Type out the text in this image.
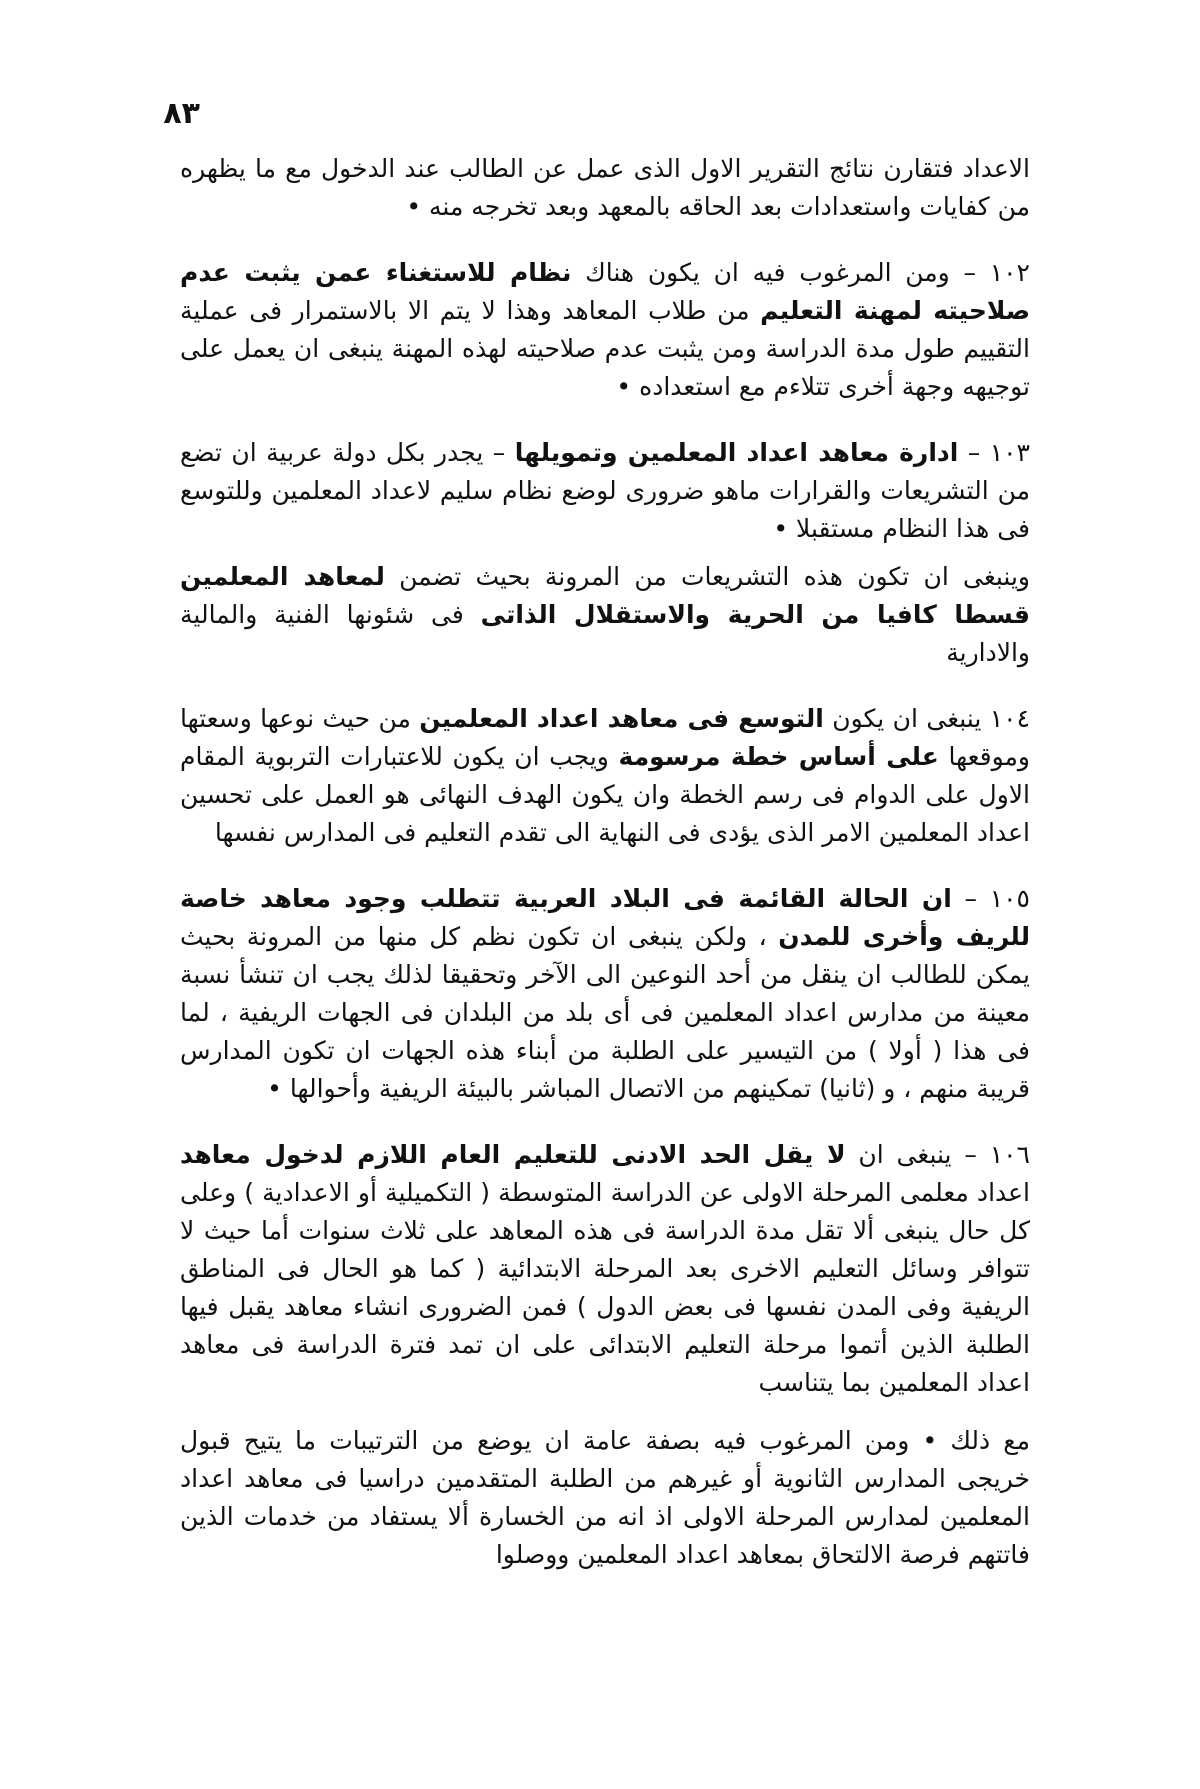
٨٣

الاعداد فتقارن نتائج التقرير الاول الذى عمل عن الطالب عند الدخول مع ما يظهره من كفايات واستعدادات بعد الحاقه بالمعهد وبعد تخرجه منه •

١٠٢ – ومن المرغوب فيه ان يكون هناك نظام للاستغناء عمن يثبت عدم صلاحيته لمهنة التعليم من طلاب المعاهد وهذا لا يتم الا بالاستمرار فى عملية التقييم طول مدة الدراسة ومن يثبت عدم صلاحيته لهذه المهنة ينبغى ان يعمل على توجيهه وجهة أخرى تتلاءم مع استعداده •

١٠٣ – ادارة معاهد اعداد المعلمين وتمويلها – يجدر بكل دولة عربية ان تضع من التشريعات والقرارات ماهو ضرورى لوضع نظام سليم لاعداد المعلمين وللتوسع فى هذا النظام مستقبلا •

وينبغى ان تكون هذه التشريعات من المرونة بحيث تضمن لمعاهد المعلمين قسطا كافيا من الحرية والاستقلال الذاتى فى شئونها الفنية والمالية والادارية

١٠٤ ينبغى ان يكون التوسع فى معاهد اعداد المعلمين من حيث نوعها وسعتها وموقعها على أساس خطة مرسومة ويجب ان يكون للاعتبارات التربوية المقام الاول على الدوام فى رسم الخطة وان يكون الهدف النهائى هو العمل على تحسين اعداد المعلمين الامر الذى يؤدى فى النهاية الى تقدم التعليم فى المدارس نفسها

١٠٥ – ان الحالة القائمة فى البلاد العربية تتطلب وجود معاهد خاصة للريف وأخرى للمدن ، ولكن ينبغى ان تكون نظم كل منها من المرونة بحيث يمكن للطالب ان ينقل من أحد النوعين الى الآخر وتحقيقا لذلك يجب ان تنشأ نسبة معينة من مدارس اعداد المعلمين فى أى بلد من البلدان فى الجهات الريفية ، لما فى هذا ( أولا ) من التيسير على الطلبة من أبناء هذه الجهات ان تكون المدارس قريبة منهم ، و (ثانيا) تمكينهم من الاتصال المباشر بالبيئة الريفية وأحوالها •

١٠٦ – ينبغى ان لا يقل الحد الادنى للتعليم العام اللازم لدخول معاهد اعداد معلمى المرحلة الاولى عن الدراسة المتوسطة ( التكميلية أو الاعدادية ) وعلى كل حال ينبغى ألا تقل مدة الدراسة فى هذه المعاهد على ثلاث سنوات أما حيث لا تتوافر وسائل التعليم الاخرى بعد المرحلة الابتدائية ( كما هو الحال فى المناطق الريفية وفى المدن نفسها فى بعض الدول ) فمن الضرورى انشاء معاهد يقبل فيها الطلبة الذين أتموا مرحلة التعليم الابتدائى على ان تمد فترة الدراسة فى معاهد اعداد المعلمين بما يتناسب

مع ذلك • ومن المرغوب فيه بصفة عامة ان يوضع من الترتيبات ما يتيح قبول خريجى المدارس الثانوية أو غيرهم من الطلبة المتقدمين دراسيا فى معاهد اعداد المعلمين لمدارس المرحلة الاولى اذ انه من الخسارة ألا يستفاد من خدمات الذين فاتتهم فرصة الالتحاق بمعاهد اعداد المعلمين ووصلوا
